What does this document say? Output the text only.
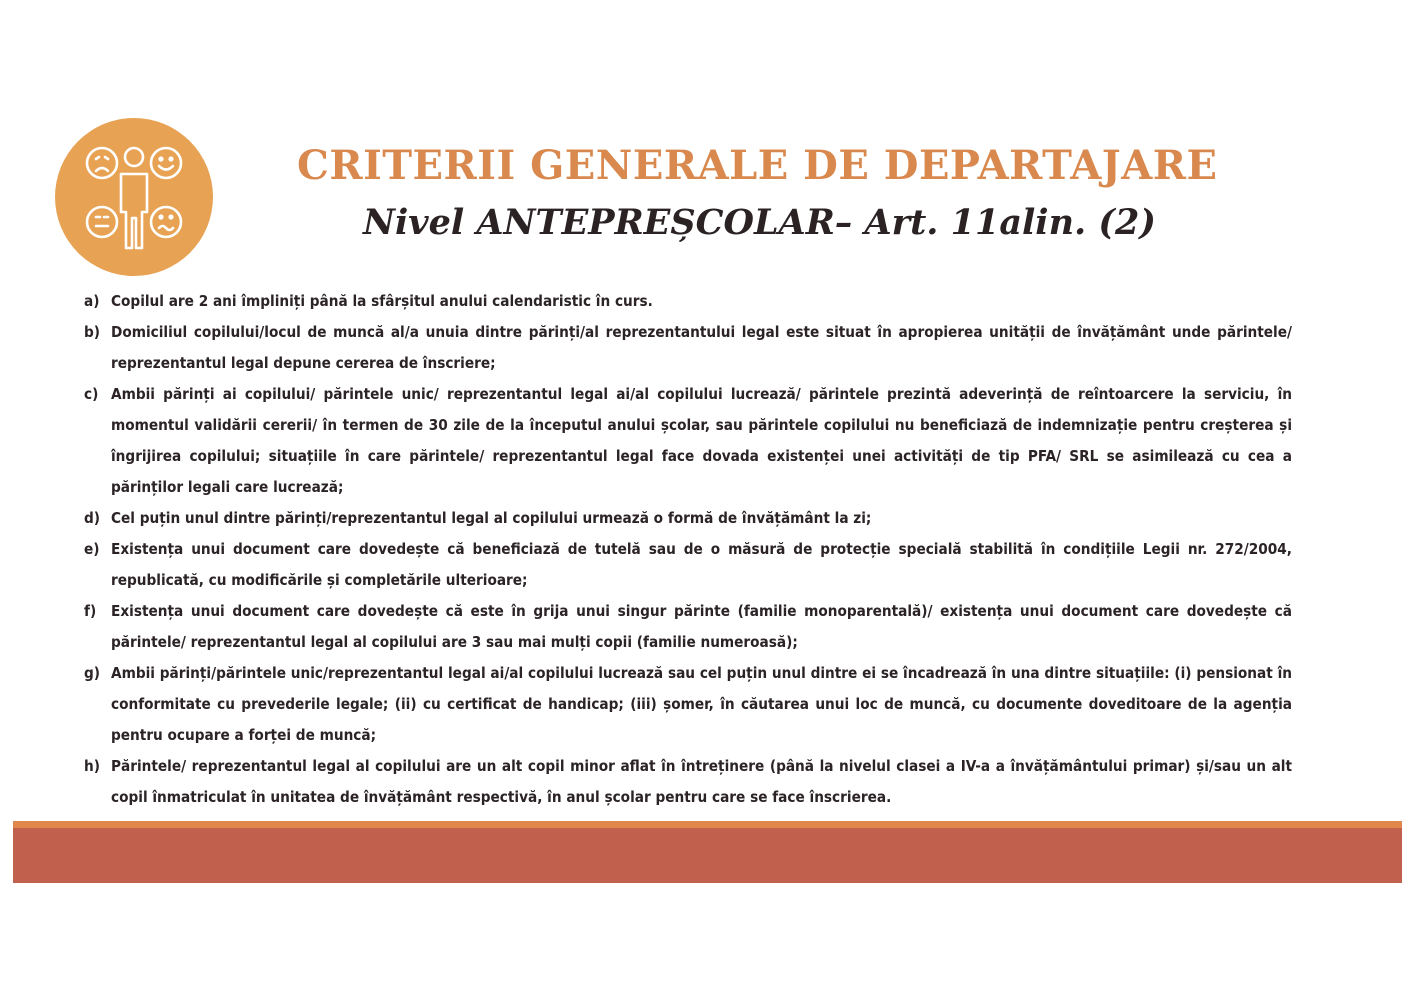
CRITERII GENERALE DE DEPARTAJARE
Nivel ANTEPREȘCOLAR– Art. 11alin. (2)
a) Copilul are 2 ani împliniți până la sfârșitul anului calendaristic în curs.
b) Domiciliul copilului/locul de muncă al/a unuia dintre părinți/al reprezentantului legal este situat în apropierea unității de învățământ unde părintele/ reprezentantul legal depune cererea de înscriere;
c) Ambii părinți ai copilului/ părintele unic/ reprezentantul legal ai/al copilului lucrează/ părintele prezintă adeverință de reîntoarcere la serviciu, în momentul validării cererii/ în termen de 30 zile de la începutul anului școlar, sau părintele copilului nu beneficiază de indemnizație pentru creșterea și îngrijirea copilului; situațiile în care părintele/ reprezentantul legal face dovada existenței unei activități de tip PFA/ SRL se asimilează cu cea a părinților legali care lucrează;
d) Cel puțin unul dintre părinți/reprezentantul legal al copilului urmează o formă de învățământ la zi;
e) Existența unui document care dovedește că beneficiază de tutelă sau de o măsură de protecție specială stabilită în condițiile Legii nr. 272/2004, republicată, cu modificările și completările ulterioare;
f) Existența unui document care dovedește că este în grija unui singur părinte (familie monoparentală)/ existența unui document care dovedește că părintele/ reprezentantul legal al copilului are 3 sau mai mulți copii (familie numeroasă);
g) Ambii părinți/părintele unic/reprezentantul legal ai/al copilului lucrează sau cel puțin unul dintre ei se încadrează în una dintre situațiile: (i) pensionat în conformitate cu prevederile legale; (ii) cu certificat de handicap; (iii) șomer, în căutarea unui loc de muncă, cu documente doveditoare de la agenția pentru ocupare a forței de muncă;
h) Părintele/ reprezentantul legal al copilului are un alt copil minor aflat în întreținere (până la nivelul clasei a IV-a a învățământului primar) și/sau un alt copil înmatriculat în unitatea de învățământ respectivă, în anul școlar pentru care se face înscrierea.
